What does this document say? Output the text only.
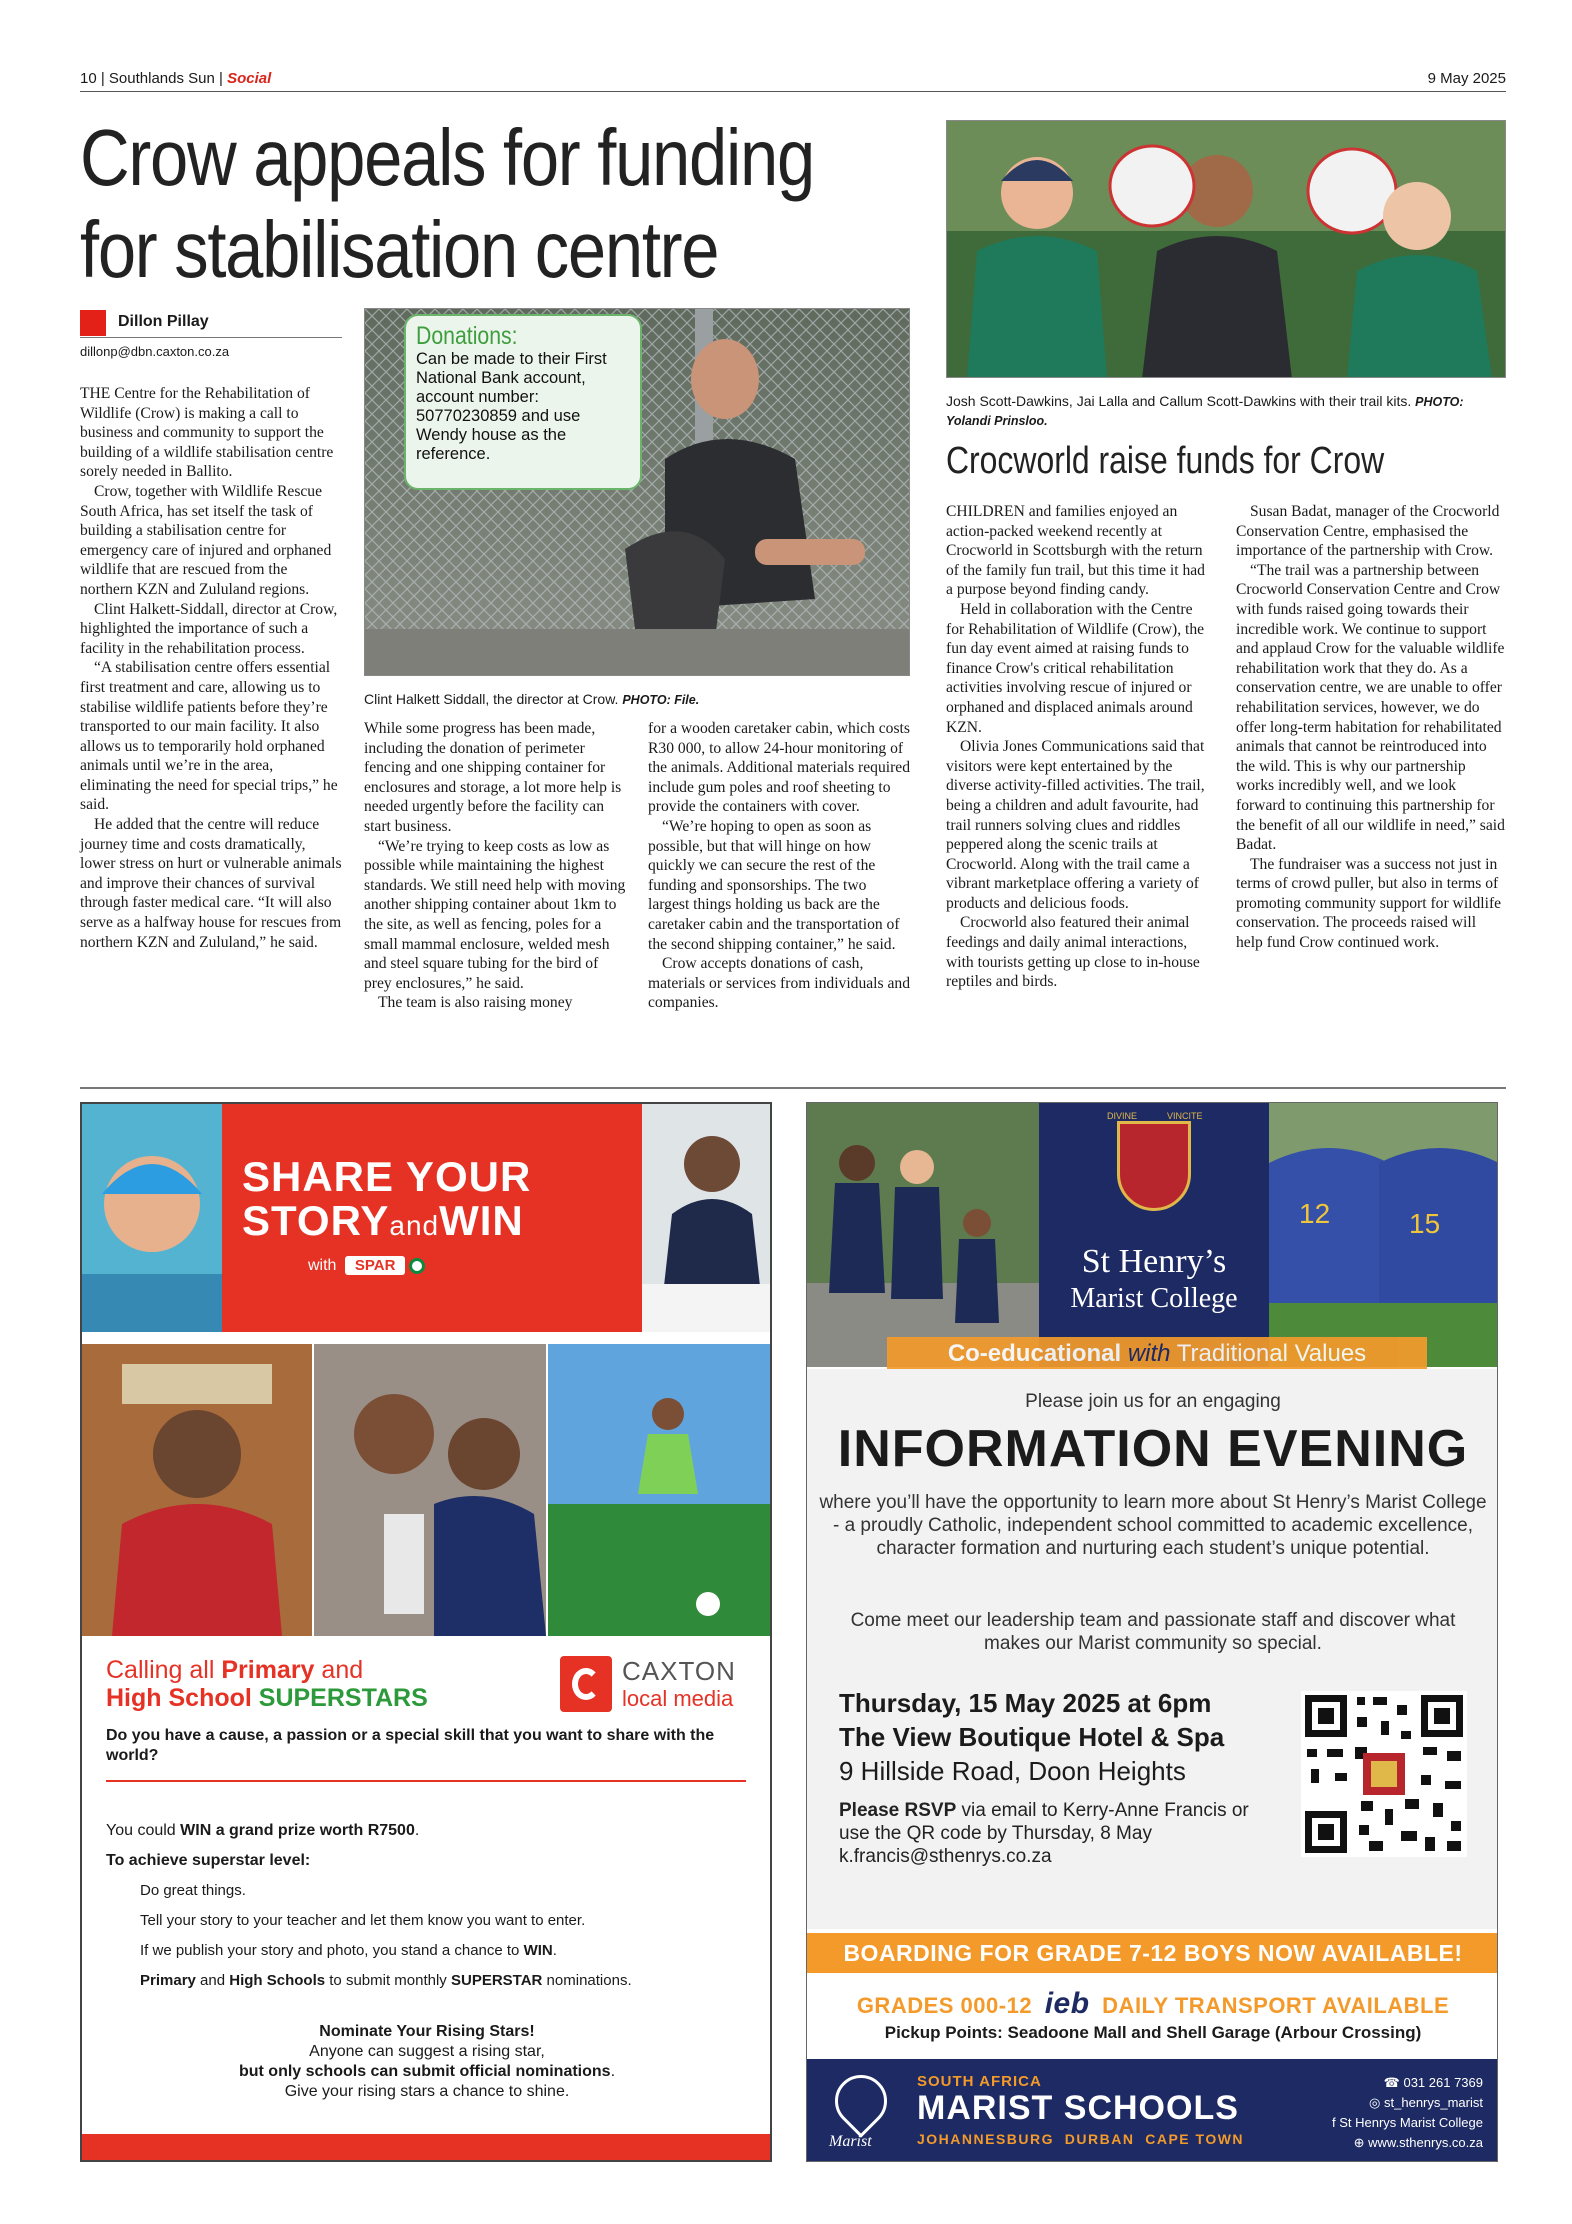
10 | Southlands Sun | Social	9 May 2025
Crow appeals for funding
for stabilisation centre
Dillon Pillay
dillonp@dbn.caxton.co.za

THE Centre for the Rehabilitation of Wildlife (Crow) is making a call to business and community to support the building of a wildlife stabilisation centre sorely needed in Ballito.

Crow, together with Wildlife Rescue South Africa, has set itself the task of building a stabilisation centre for emergency care of injured and orphaned wildlife that are rescued from the northern KZN and Zululand regions.

Clint Halkett-Siddall, director at Crow, highlighted the importance of such a facility in the rehabilitation process.

“A stabilisation centre offers essential first treatment and care, allowing us to stabilise wildlife patients before they’re transported to our main facility. It also allows us to temporarily hold orphaned animals until we’re in the area, eliminating the need for special trips,” he said.

He added that the centre will reduce journey time and costs dramatically, lower stress on hurt or vulnerable animals and improve their chances of survival through faster medical care. “It will also serve as a halfway house for rescues from northern KZN and Zululand,” he said.

Donations:
Can be made to their First National Bank account, account number: 50770230859 and use Wendy house as the reference.
Clint Halkett Siddall, the director at Crow. PHOTO: File.

While some progress has been made, including the donation of perimeter fencing and one shipping container for enclosures and storage, a lot more help is needed urgently before the facility can start business.

“We’re trying to keep costs as low as possible while maintaining the highest standards. We still need help with moving another shipping container about 1km to the site, as well as fencing, poles for a small mammal enclosure, welded mesh and steel square tubing for the bird of prey enclosures,” he said.

The team is also raising money

for a wooden caretaker cabin, which costs R30 000, to allow 24-hour monitoring of the animals. Additional materials required include gum poles and roof sheeting to provide the containers with cover.

“We’re hoping to open as soon as possible, but that will hinge on how quickly we can secure the rest of the funding and sponsorships. The two largest things holding us back are the caretaker cabin and the transportation of the second shipping container,” he said.

Crow accepts donations of cash, materials or services from individuals and companies.

Josh Scott-Dawkins, Jai Lalla and Callum Scott-Dawkins with their trail kits. PHOTO: Yolandi Prinsloo.
Crocworld raise funds for Crow

CHILDREN and families enjoyed an action-packed weekend recently at Crocworld in Scottsburgh with the return of the family fun trail, but this time it had a purpose beyond finding candy.

Held in collaboration with the Centre for Rehabilitation of Wildlife (Crow), the fun day event aimed at raising funds to finance Crow's critical rehabilitation activities involving rescue of injured or orphaned and displaced animals around KZN.

Olivia Jones Communications said that visitors were kept entertained by the diverse activity-filled activities. The trail, being a children and adult favourite, had trail runners solving clues and riddles peppered along the scenic trails at Crocworld. Along with the trail came a vibrant marketplace offering a variety of products and delicious foods.

Crocworld also featured their animal feedings and daily animal interactions, with tourists getting up close to in-house reptiles and birds.

Susan Badat, manager of the Crocworld Conservation Centre, emphasised the importance of the partnership with Crow.

“The trail was a partnership between Crocworld Conservation Centre and Crow with funds raised going towards their incredible work. We continue to support and applaud Crow for the valuable wildlife rehabilitation work that they do. As a conservation centre, we are unable to offer rehabilitation services, however, we do offer long-term habitation for rehabilitated animals that cannot be reintroduced into the wild. This is why our partnership works incredibly well, and we look forward to continuing this partnership for the benefit of all our wildlife in need,” said Badat.

The fundraiser was a success not just in terms of crowd puller, but also in terms of promoting community support for wildlife conservation. The proceeds raised will help fund Crow continued work.

SHARE YOUR
STORYandWIN
with SPAR
Calling all Primary and
High School SUPERSTARS
CAXTON
local media
Do you have a cause, a passion or a special skill that you want to share with the world?
You could WIN a grand prize worth R7500.
To achieve superstar level:
Do great things.
Tell your story to your teacher and let them know you want to enter.
If we publish your story and photo, you stand a chance to WIN.
Primary and High Schools to submit monthly SUPERSTAR nominations.
Nominate Your Rising Stars!
Anyone can suggest a rising star,
but only schools can submit official nominations.
Give your rising stars a chance to shine.
DIVINE	VINCITE
St Henry’s
Marist College
12	15
Co-educational with Traditional Values
Please join us for an engaging
INFORMATION EVENING
where you’ll have the opportunity to learn more about St Henry’s Marist College - a proudly Catholic, independent school committed to academic excellence, character formation and nurturing each student’s unique potential.
Come meet our leadership team and passionate staff and discover what makes our Marist community so special.
Thursday, 15 May 2025 at 6pm
The View Boutique Hotel & Spa
9 Hillside Road, Doon Heights
Please RSVP via email to Kerry-Anne Francis or use the QR code by Thursday, 8 May
k.francis@sthenrys.co.za
BOARDING FOR GRADE 7-12 BOYS NOW AVAILABLE!
GRADES 000-12 ieb DAILY TRANSPORT AVAILABLE
Pickup Points: Seadoone Mall and Shell Garage (Arbour Crossing)
Marist
SOUTH AFRICA
MARIST SCHOOLS
JOHANNESBURG  DURBAN  CAPE TOWN
☎ 031 261 7369
◎ st_henrys_marist
f St Henrys Marist College
⊕ www.sthenrys.co.za
